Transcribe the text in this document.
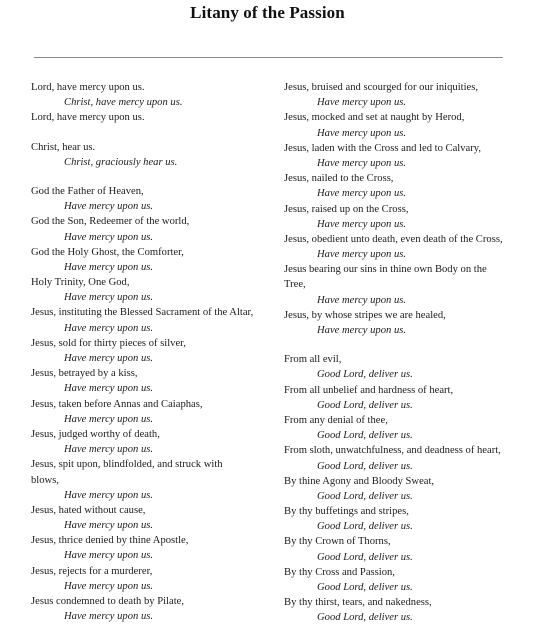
Litany of the Passion
Lord, have mercy upon us.
Christ, have mercy upon us.
Lord, have mercy upon us.
Christ, hear us.
Christ, graciously hear us.
God the Father of Heaven,
Have mercy upon us.
God the Son, Redeemer of the world,
Have mercy upon us.
God the Holy Ghost, the Comforter,
Have mercy upon us.
Holy Trinity, One God,
Have mercy upon us.
Jesus, instituting the Blessed Sacrament of the Altar,
Have mercy upon us.
Jesus, sold for thirty pieces of silver,
Have mercy upon us.
Jesus, betrayed by a kiss,
Have mercy upon us.
Jesus, taken before Annas and Caiaphas,
Have mercy upon us.
Jesus, judged worthy of death,
Have mercy upon us.
Jesus, spit upon, blindfolded, and struck with
blows,
Have mercy upon us.
Jesus, hated without cause,
Have mercy upon us.
Jesus, thrice denied by thine Apostle,
Have mercy upon us.
Jesus, rejects for a murderer,
Have mercy upon us.
Jesus condemned to death by Pilate,
Have mercy upon us.
Jesus, bruised and scourged for our iniquities,
Have mercy upon us.
Jesus, mocked and set at naught by Herod,
Have mercy upon us.
Jesus, laden with the Cross and led to Calvary,
Have mercy upon us.
Jesus, nailed to the Cross,
Have mercy upon us.
Jesus, raised up on the Cross,
Have mercy upon us.
Jesus, obedient unto death, even death of the Cross,
Have mercy upon us.
Jesus bearing our sins in thine own Body on the
Tree,
Have mercy upon us.
Jesus, by whose stripes we are healed,
Have mercy upon us.
From all evil,
Good Lord, deliver us.
From all unbelief and hardness of heart,
Good Lord, deliver us.
From any denial of thee,
Good Lord, deliver us.
From sloth, unwatchfulness, and deadness of heart,
Good Lord, deliver us.
By thine Agony and Bloody Sweat,
Good Lord, deliver us.
By thy buffetings and stripes,
Good Lord, deliver us.
By thy Crown of Thorns,
Good Lord, deliver us.
By thy Cross and Passion,
Good Lord, deliver us.
By thy thirst, tears, and nakedness,
Good Lord, deliver us.
